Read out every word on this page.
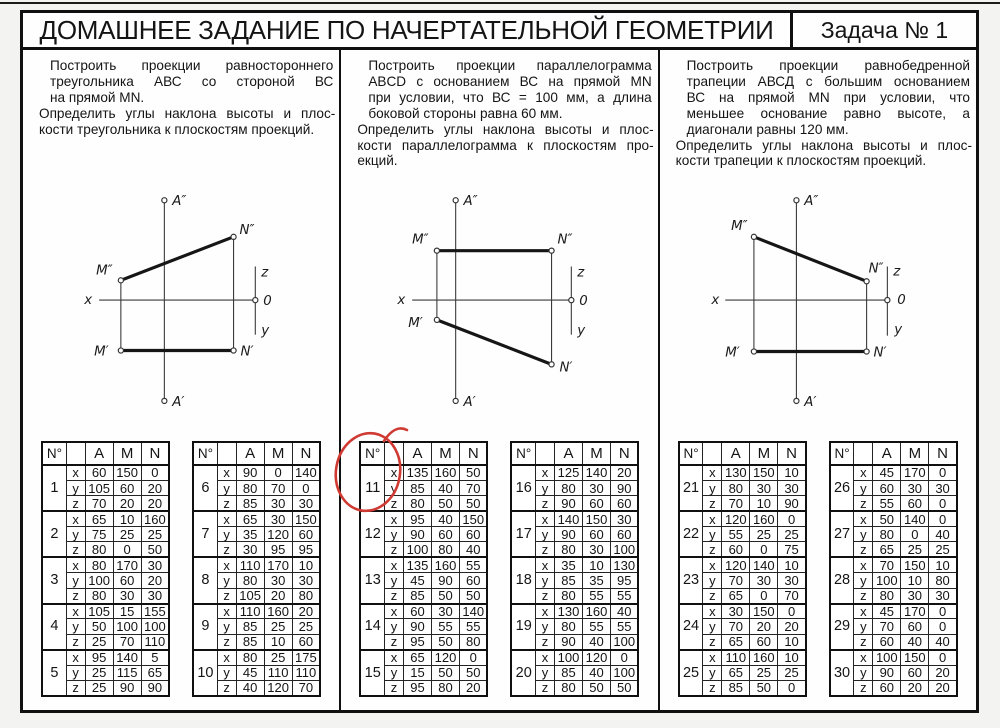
ДОМАШНЕЕ ЗАДАНИЕ ПО НАЧЕРТАТЕЛЬНОЙ ГЕОМЕТРИИ	Задача № 1
Построить проекции равностороннего
треугольника АВС со стороной ВС
на прямой MN.
Определить углы наклона высоты и плос-
кости треугольника к плоскостям проекций.
A″
A′
M″
N″
M′	N′
x
z
0
y
N°		A	M	N
1	x	60	150	0
	y	105	60	20
	z	70	20	20
2	x	65	10	160
	y	75	25	25
	z	80	0	50
3	x	80	170	30
	y	100	60	20
	z	80	30	30
4	x	105	15	155
	y	50	100	100
	z	25	70	110
5	x	95	140	5
	y	25	115	65
	z	25	90	90
N°		A	M	N
6	x	90	0	140
	y	80	70	0
	z	85	30	30
7	x	65	30	150
	y	35	120	60
	z	30	95	95
8	x	110	170	10
	y	80	30	30
	z	105	20	80
9	x	110	160	20
	y	85	25	25
	z	85	10	60
10	x	80	25	175
	y	45	110	110
	z	40	120	70
Построить проекции параллелограмма
ABCD с основанием ВС на прямой MN
при условии, что ВС = 100 мм, а длина
боковой стороны равна 60 мм.
Определить углы наклона высоты и плос-
кости параллелограмма к плоскостям про-
екций.
A″
A′
M″	N″
M′
N′
x
z
0
y
N°		A	M	N
11	x	135	160	50
	y	85	40	70
	z	80	50	50
12	x	95	40	150
	y	90	60	60
	z	100	80	40
13	x	135	160	55
	y	45	90	60
	z	85	50	50
14	x	60	30	140
	y	90	55	55
	z	95	50	80
15	x	65	120	0
	y	15	50	50
	z	95	80	20
N°		A	M	N
16	x	125	140	20
	y	80	30	90
	z	90	60	60
17	x	140	150	30
	y	90	60	60
	z	80	30	100
18	x	35	10	130
	y	85	35	95
	z	80	55	55
19	x	130	160	40
	y	80	55	55
	z	90	40	100
20	x	100	120	0
	y	85	40	100
	z	80	50	50
Построить проекции равнобедренной
трапеции АВСД с большим основанием
ВС на прямой MN при условии, что
меньшее основание равно высоте, а
диагонали равны 120 мм.
Определить углы наклона высоты и плос-
кости трапеции к плоскостям проекций.
A″
A′
M″
N″
M′	N′
x
z
0
y
N°		A	M	N
21	x	130	150	10
	y	80	30	30
	z	70	10	90
22	x	120	160	0
	y	55	25	25
	z	60	0	75
23	x	120	140	10
	y	70	30	30
	z	65	0	70
24	x	30	150	0
	y	70	20	20
	z	65	60	10
25	x	110	160	10
	y	65	25	25
	z	85	50	0
N°		A	M	N
26	x	45	170	0
	y	60	30	30
	z	55	60	0
27	x	50	140	0
	y	80	0	40
	z	65	25	25
28	x	70	150	10
	y	100	10	80
	z	80	30	30
29	x	45	170	0
	y	70	60	0
	z	60	40	40
30	x	100	150	0
	y	90	60	20
	z	60	20	20
